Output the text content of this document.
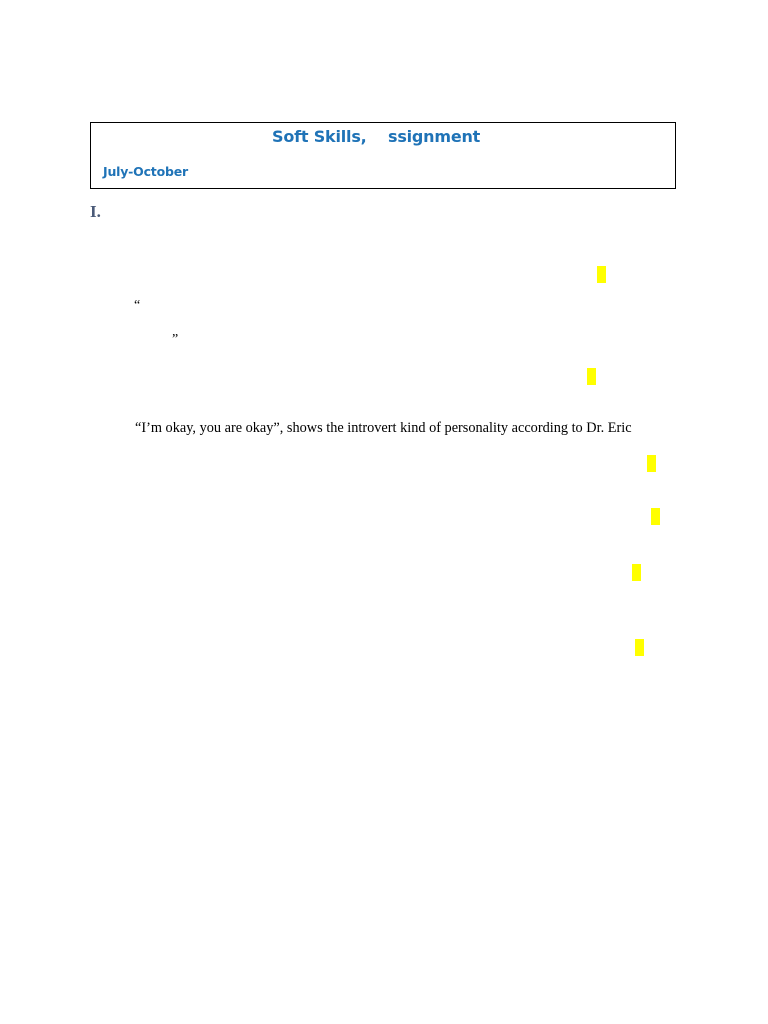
Soft Skills,    ssignment
July-October
I.
“
”
“I’m okay, you are okay”, shows the introvert kind of personality according to Dr. Eric
